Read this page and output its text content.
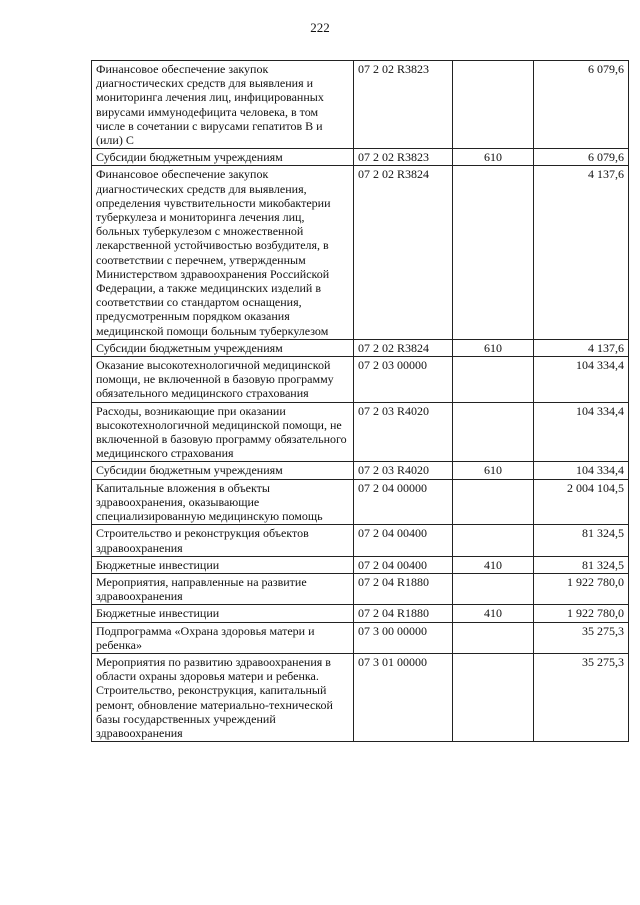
222
Финансовое обеспечение закупок диагностических средств для выявления и мониторинга лечения лиц, инфицированных вирусами иммунодефицита человека, в том числе в сочетании с вирусами гепатитов В и (или) С	07 2 02 R3823		6 079,6
Субсидии бюджетным учреждениям	07 2 02 R3823	610	6 079,6
Финансовое обеспечение закупок диагностических средств для выявления, определения чувствительности микобактерии туберкулеза и мониторинга лечения лиц, больных туберкулезом с множественной лекарственной устойчивостью возбудителя, в соответствии с перечнем, утвержденным Министерством здравоохранения Российской Федерации, а также медицинских изделий в соответствии со стандартом оснащения, предусмотренным порядком оказания медицинской помощи больным туберкулезом	07 2 02 R3824		4 137,6
Субсидии бюджетным учреждениям	07 2 02 R3824	610	4 137,6
Оказание высокотехнологичной медицинской помощи, не включенной в базовую программу обязательного медицинского страхования	07 2 03 00000		104 334,4
Расходы, возникающие при оказании высокотехнологичной медицинской помощи, не включенной в базовую программу обязательного медицинского страхования	07 2 03 R4020		104 334,4
Субсидии бюджетным учреждениям	07 2 03 R4020	610	104 334,4
Капитальные вложения в объекты здравоохранения, оказывающие специализированную медицинскую помощь	07 2 04 00000		2 004 104,5
Строительство и реконструкция объектов здравоохранения	07 2 04 00400		81 324,5
Бюджетные инвестиции	07 2 04 00400	410	81 324,5
Мероприятия, направленные на развитие здравоохранения	07 2 04 R1880		1 922 780,0
Бюджетные инвестиции	07 2 04 R1880	410	1 922 780,0
Подпрограмма «Охрана здоровья матери и ребенка»	07 3 00 00000		35 275,3
Мероприятия по развитию здравоохранения в области охраны здоровья матери и ребенка. Строительство, реконструкция, капитальный ремонт, обновление материально-технической базы государственных учреждений здравоохранения	07 3 01 00000		35 275,3
